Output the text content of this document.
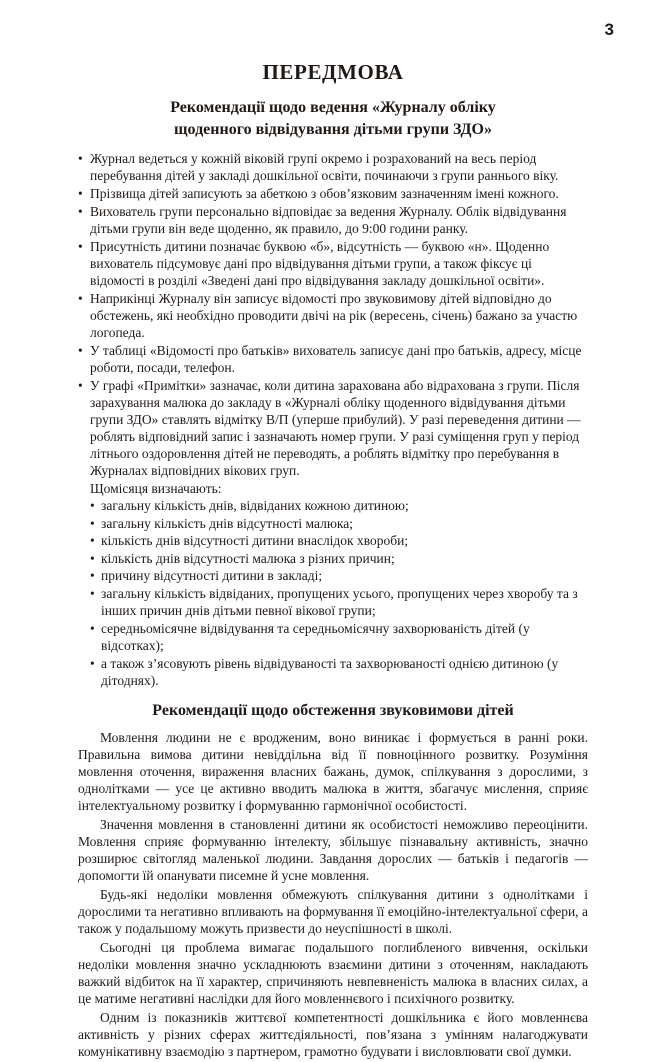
3
ПЕРЕДМОВА
Рекомендації щодо ведення «Журналу обліку
щоденного відвідування дітьми групи ЗДО»
• Журнал ведеться у кожній віковій групі окремо і розрахований на весь період перебування дітей у закладі дошкільної освіти, починаючи з групи раннього віку.
• Прізвища дітей записують за абеткою з обов’язковим зазначенням імені кожного.
• Вихователь групи персонально відповідає за ведення Журналу. Облік відвідування дітьми групи він веде щоденно, як правило, до 9:00 години ранку.
• Присутність дитини позначає буквою «б», відсутність — буквою «н». Щоденно вихователь підсумовує дані про відвідування дітьми групи, а також фіксує ці відомості в розділі «Зведені дані про відвідування закладу дошкільної освіти».
• Наприкінці Журналу він записує відомості про звуковимову дітей відповідно до обстежень, які необхідно проводити двічі на рік (вересень, січень) бажано за участю логопеда.
• У таблиці «Відомості про батьків» вихователь записує дані про батьків, адресу, місце роботи, посади, телефон.
• У графі «Примітки» зазначає, коли дитина зарахована або відрахована з групи. Після зарахування малюка до закладу в «Журналі обліку щоденного відвідування дітьми групи ЗДО» ставлять відмітку В/П (уперше прибулий). У разі переведення дитини — роблять відповідний запис і зазначають номер групи. У разі суміщення груп у період літнього оздоровлення дітей не переводять, а роблять відмітку про перебування в Журналах відповідних вікових груп.
Щомісяця визначають:
• загальну кількість днів, відвіданих кожною дитиною;
• загальну кількість днів відсутності малюка;
• кількість днів відсутності дитини внаслідок хвороби;
• кількість днів відсутності малюка з різних причин;
• причину відсутності дитини в закладі;
• загальну кількість відвіданих, пропущених усього, пропущених через хворобу та з інших причин днів дітьми певної вікової групи;
• середньомісячне відвідування та середньомісячну захворюваність дітей (у відсотках);
• а також з’ясовують рівень відвідуваності та захворюваності однією дитиною (у дітоднях).
Рекомендації щодо обстеження звуковимови дітей

Мовлення людини не є вродженим, воно виникає і формується в ранні роки. Правильна вимова дитини невіддільна від її повноцінного розвитку. Розуміння мовлення оточення, вираження власних бажань, думок, спілкування з дорослими, з однолітками — усе це активно вводить малюка в життя, збагачує мислення, сприяє інтелектуальному розвитку і формуванню гармонічної особистості.

Значення мовлення в становленні дитини як особистості неможливо переоцінити. Мовлення сприяє формуванню інтелекту, збільшує пізнавальну активність, значно розширює світогляд маленької людини. Завдання дорослих — батьків і педагогів — допомогти їй опанувати писемне й усне мовлення.

Будь-які недоліки мовлення обмежують спілкування дитини з однолітками і дорослими та негативно впливають на формування її емоційно-інтелектуальної сфери, а також у подальшому можуть призвести до неуспішності в школі.

Сьогодні ця проблема вимагає подальшого поглибленого вивчення, оскільки недоліки мовлення значно ускладнюють взаємини дитини з оточенням, накладають важкий відбиток на її характер, спричиняють невпевненість малюка в власних силах, а це матиме негативні наслідки для його мовленнєвого і психічного розвитку.

Одним із показників життєвої компетентності дошкільника є його мовленнєва активність у різних сферах життєдіяльності, пов’язана з умінням налагоджувати комунікативну взаємодію з партнером, грамотно будувати і висловлювати свої думки.
